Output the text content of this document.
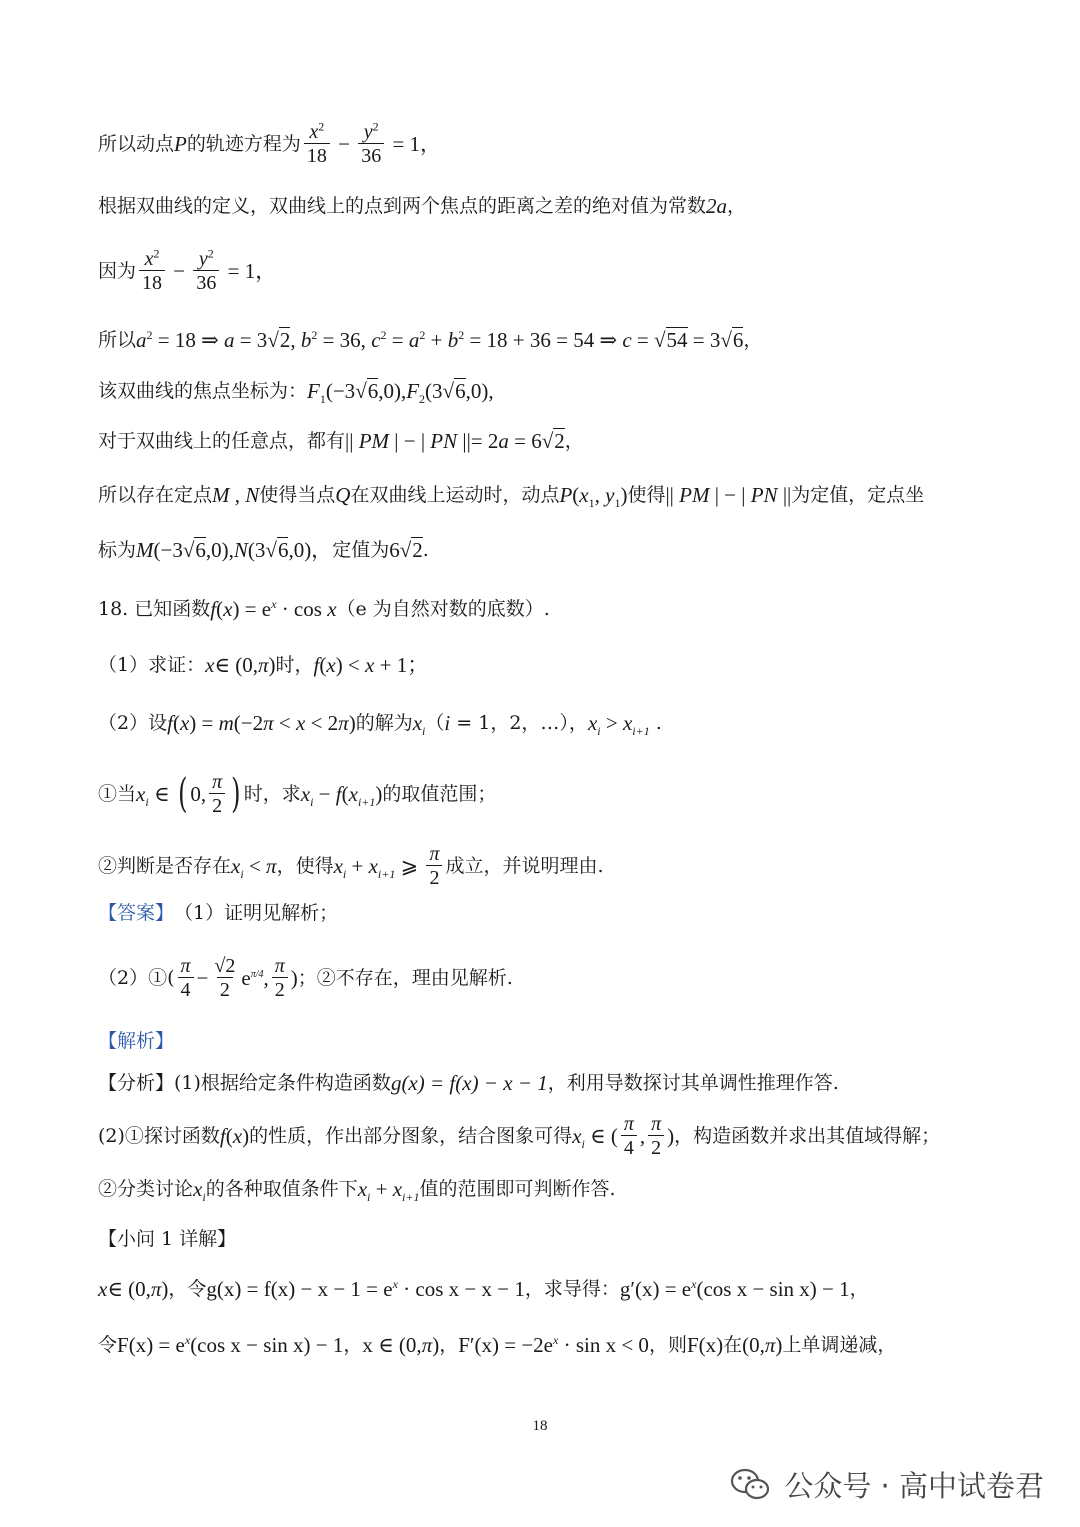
所以动点 P 的轨迹方程为 $\frac{x^2}{18} - \frac{y^2}{36} = 1$，
根据双曲线的定义，双曲线上的点到两个焦点的距离之差的绝对值为常数 2a ，
因为 $\frac{x^2}{18} - \frac{y^2}{36} = 1$，
所以 $a^2 = 18$ ⇒ a = 3√2, $b^2 = 36$, $c^2 = a^2 + b^2 = 18 + 36 = 54$ ⇒ c = √54 = 3√6 ，
该双曲线的焦点坐标为： $F_1(-3√6,0),F_2(3√6,0)$,
对于双曲线上的任意点，都有 || PM | − | PN ||= 2a = 6√2 ，
所以存在定点 M , N 使得当点 Q 在双曲线上运动时，动点 $P(x_1$, $y_1$) 使得 || PM | − | PN || 为定值，定点坐
标为 M(−3√6,0),N(3√6,0)， 定值为 6√2 .
18. 已知函数 $f(x) = e^x \cdot \cos x$ （e 为自然对数的底数）.
（1）求证： x∈ (0,π) 时， f(x) < x + 1；
（2）设 f(x) = m(−2π < x < 2π) 的解为 $x_i$ （ i = 1，2，…）， $x_i > x_{i+1}$ .
①当 $x_i$ ∈ ( 0, $\frac{\pi}{2}$ ) 时，求 $x_i - f(x_{i+1})$ 的取值范围；
②判断是否存在 $x_i < \pi$ ，使得 $x_i + x_{i+1}$ ⩾ $\frac{\pi}{2}$ 成立，并说明理由.
【答案】 （1）证明见解析；
（2）①( $\frac{\pi}{4} - \frac{√2}{2} e^{\pi/4}$, $\frac{\pi}{2}$ ) ；②不存在，理由见解析.
【解析】
【分析】 (1)根据给定条件构造函数 g(x) = f(x) − x − 1 ，利用导数探讨其单调性推理作答.
(2)①探讨函数 f(x) 的性质，作出部分图象，结合图象可得 $x_i$ ∈ ( $\frac{\pi}{4}$ , $\frac{\pi}{2}$ ) ，构造函数并求出其值域得解；
②分类讨论 $x_i$ 的各种取值条件下 $x_i + x_{i+1}$ 值的范围即可判断作答.
【小问 1 详解】
x∈ (0,π) ，令 $g(x) = f(x) - x - 1 = e^x \cdot \cos x - x - 1$ ，求导得： $g'(x) = e^x(\cos$ x − sin x) − 1 ，
令 $F(x) = e^x(\cos$ x − sin x) − 1 ， x ∈ (0,π) ， $F'(x) = -2e^x \cdot \sin x < 0$ ，则 F(x) 在 (0,π) 上单调递减，
18
公众号 · 高中试卷君
